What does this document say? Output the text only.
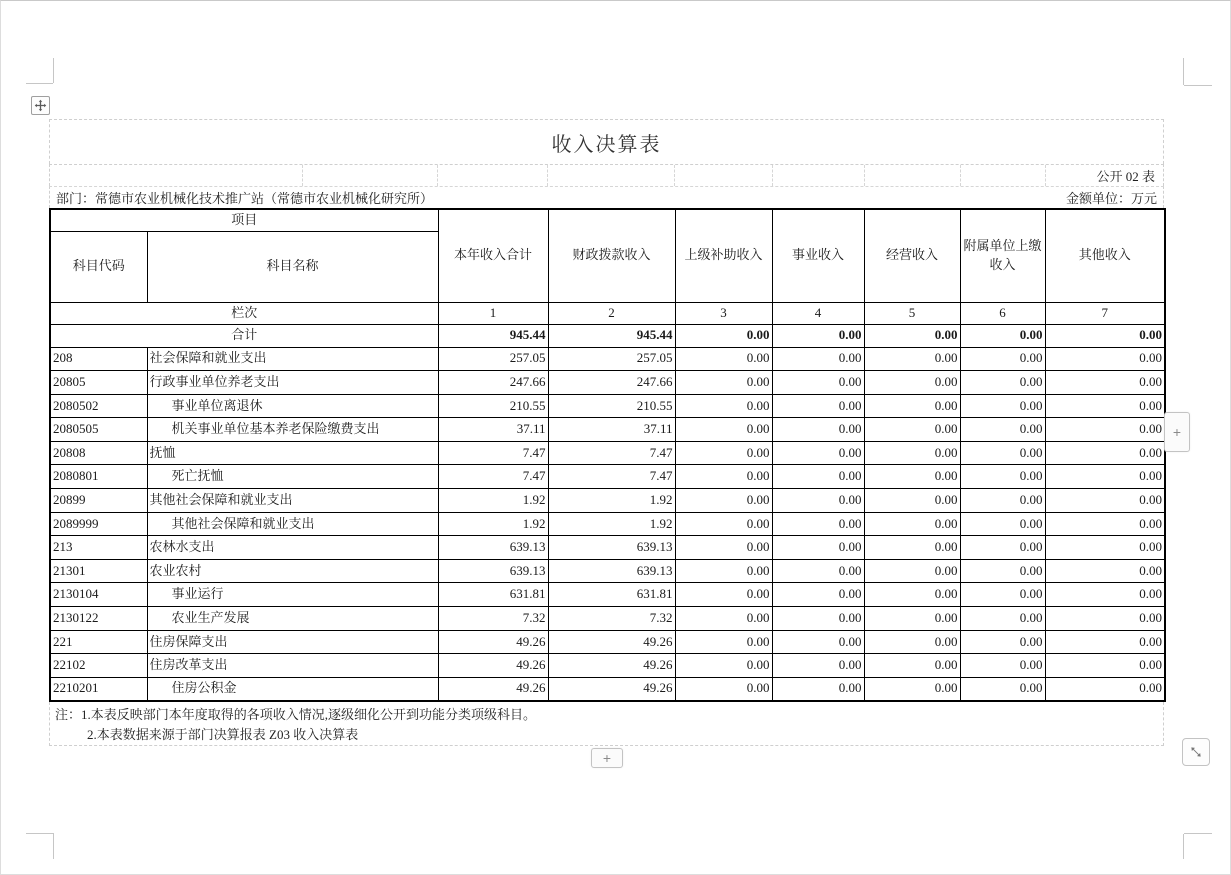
收入决算表
公开 02 表
部门：常德市农业机械化技术推广站（常德市农业机械化研究所）	金额单位：万元
项目		本年收入合计	财政拨款收入	上级补助收入	事业收入	经营收入	附属单位上缴收入	其他收入
科目代码	科目名称							
栏次		1	2	3	4	5	6	7
合计		945.44	945.44	0.00	0.00	0.00	0.00	0.00
208	社会保障和就业支出	257.05	257.05	0.00	0.00	0.00	0.00	0.00
20805	行政事业单位养老支出	247.66	247.66	0.00	0.00	0.00	0.00	0.00
2080502	事业单位离退休	210.55	210.55	0.00	0.00	0.00	0.00	0.00
2080505	机关事业单位基本养老保险缴费支出	37.11	37.11	0.00	0.00	0.00	0.00	0.00
20808	抚恤	7.47	7.47	0.00	0.00	0.00	0.00	0.00
2080801	死亡抚恤	7.47	7.47	0.00	0.00	0.00	0.00	0.00
20899	其他社会保障和就业支出	1.92	1.92	0.00	0.00	0.00	0.00	0.00
2089999	其他社会保障和就业支出	1.92	1.92	0.00	0.00	0.00	0.00	0.00
213	农林水支出	639.13	639.13	0.00	0.00	0.00	0.00	0.00
21301	农业农村	639.13	639.13	0.00	0.00	0.00	0.00	0.00
2130104	事业运行	631.81	631.81	0.00	0.00	0.00	0.00	0.00
2130122	农业生产发展	7.32	7.32	0.00	0.00	0.00	0.00	0.00
221	住房保障支出	49.26	49.26	0.00	0.00	0.00	0.00	0.00
22102	住房改革支出	49.26	49.26	0.00	0.00	0.00	0.00	0.00
2210201	住房公积金	49.26	49.26	0.00	0.00	0.00	0.00	0.00
注：1.本表反映部门本年度取得的各项收入情况,逐级细化公开到功能分类项级科目。
2.本表数据来源于部门决算报表 Z03 收入决算表
+
+
